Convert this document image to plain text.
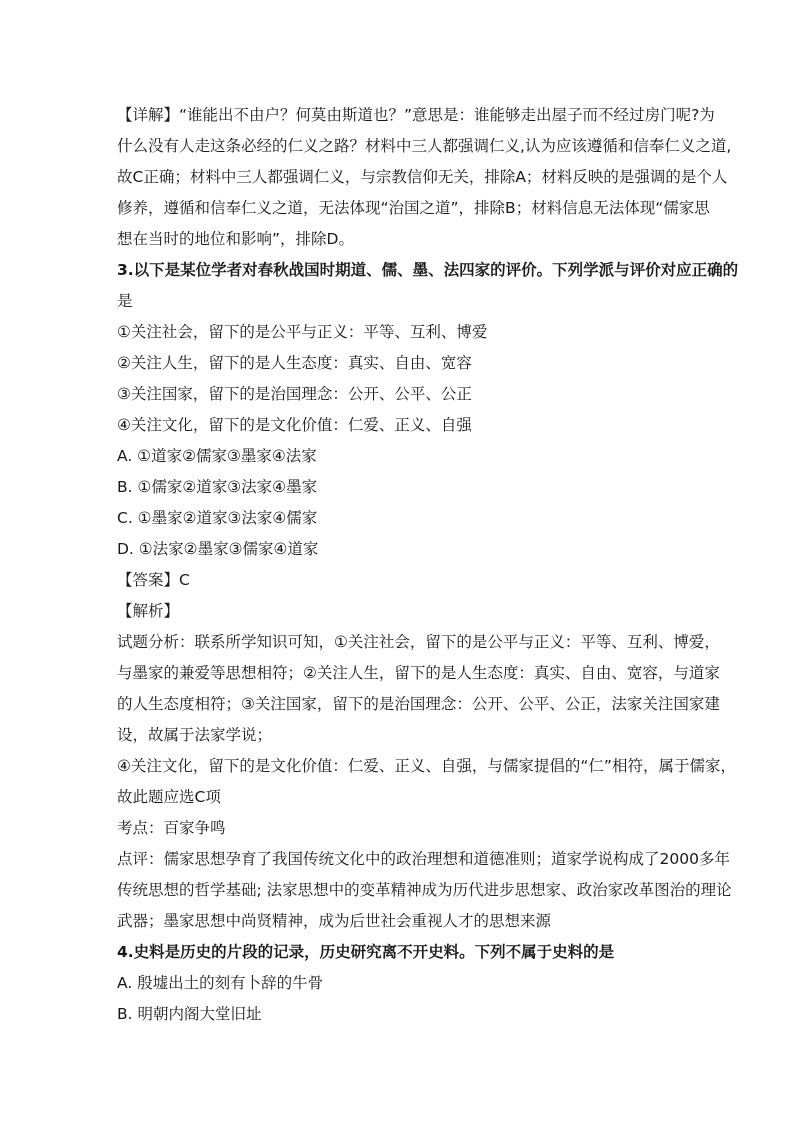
【详解】“谁能出不由户？何莫由斯道也？”意思是：谁能够走出屋子而不经过房门呢?为
什么没有人走这条必经的仁义之路？材料中三人都强调仁义,认为应该遵循和信奉仁义之道,
故C正确；材料中三人都强调仁义，与宗教信仰无关，排除A；材料反映的是强调的是个人
修养，遵循和信奉仁义之道，无法体现“治国之道”，排除B；材料信息无法体现“儒家思
想在当时的地位和影响”，排除D。
3.以下是某位学者对春秋战国时期道、儒、墨、法四家的评价。下列学派与评价对应正确的
是
①关注社会，留下的是公平与正义：平等、互利、博爱
②关注人生，留下的是人生态度：真实、自由、宽容
③关注国家，留下的是治国理念：公开、公平、公正
④关注文化，留下的是文化价值：仁爱、正义、自强
A. ①道家②儒家③墨家④法家
B. ①儒家②道家③法家④墨家
C. ①墨家②道家③法家④儒家
D. ①法家②墨家③儒家④道家
【答案】C
【解析】
试题分析：联系所学知识可知，①关注社会，留下的是公平与正义：平等、互利、博爱，
与墨家的兼爱等思想相符；②关注人生，留下的是人生态度：真实、自由、宽容，与道家
的人生态度相符；③关注国家，留下的是治国理念：公开、公平、公正，法家关注国家建
设，故属于法家学说；
④关注文化，留下的是文化价值：仁爱、正义、自强，与儒家提倡的“仁”相符，属于儒家，
故此题应选C项
考点：百家争鸣
点评：儒家思想孕育了我国传统文化中的政治理想和道德准则；道家学说构成了2000多年
传统思想的哲学基础; 法家思想中的变革精神成为历代进步思想家、政治家改革图治的理论
武器；墨家思想中尚贤精神，成为后世社会重视人才的思想来源
4.史料是历史的片段的记录，历史研究离不开史料。下列不属于史料的是
A. 殷墟出土的刻有卜辞的牛骨
B. 明朝内阁大堂旧址
